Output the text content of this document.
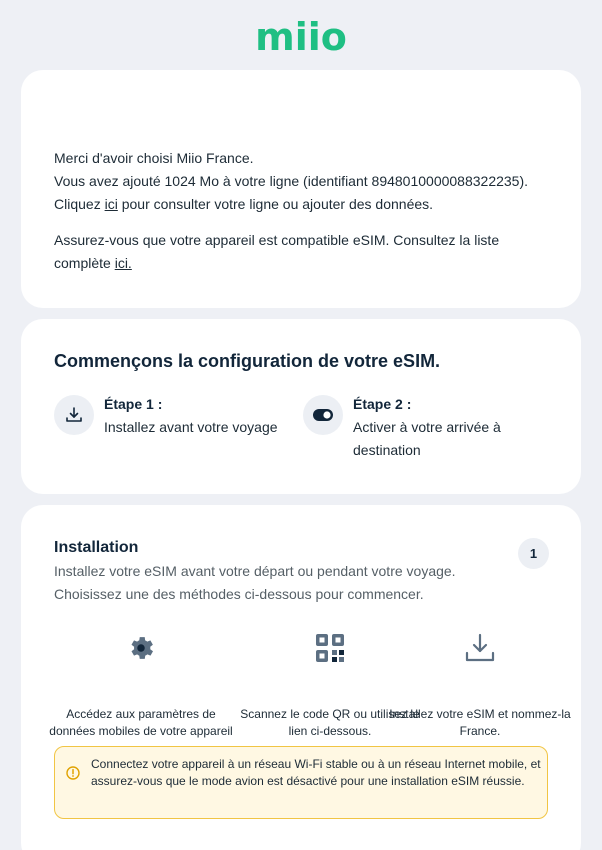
miio
Merci d'avoir choisi Miio France.
Vous avez ajouté 1024 Mo à votre ligne (identifiant 8948010000088322235).
Cliquez ici pour consulter votre ligne ou ajouter des données.
Assurez-vous que votre appareil est compatible eSIM. Consultez la liste complète ici.
Commençons la configuration de votre eSIM.
Étape 1 :
Installez avant votre voyage
Étape 2 :
Activer à votre arrivée à destination
Installation	1
Installez votre eSIM avant votre départ ou pendant votre voyage. Choisissez une des méthodes ci-dessous pour commencer.
Accédez aux paramètres de données mobiles de votre appareil
Scannez le code QR ou utilisez le lien ci-dessous.
Installez votre eSIM et nommez-la France.
Connectez votre appareil à un réseau Wi-Fi stable ou à un réseau Internet mobile, et assurez-vous que le mode avion est désactivé pour une installation eSIM réussie.
